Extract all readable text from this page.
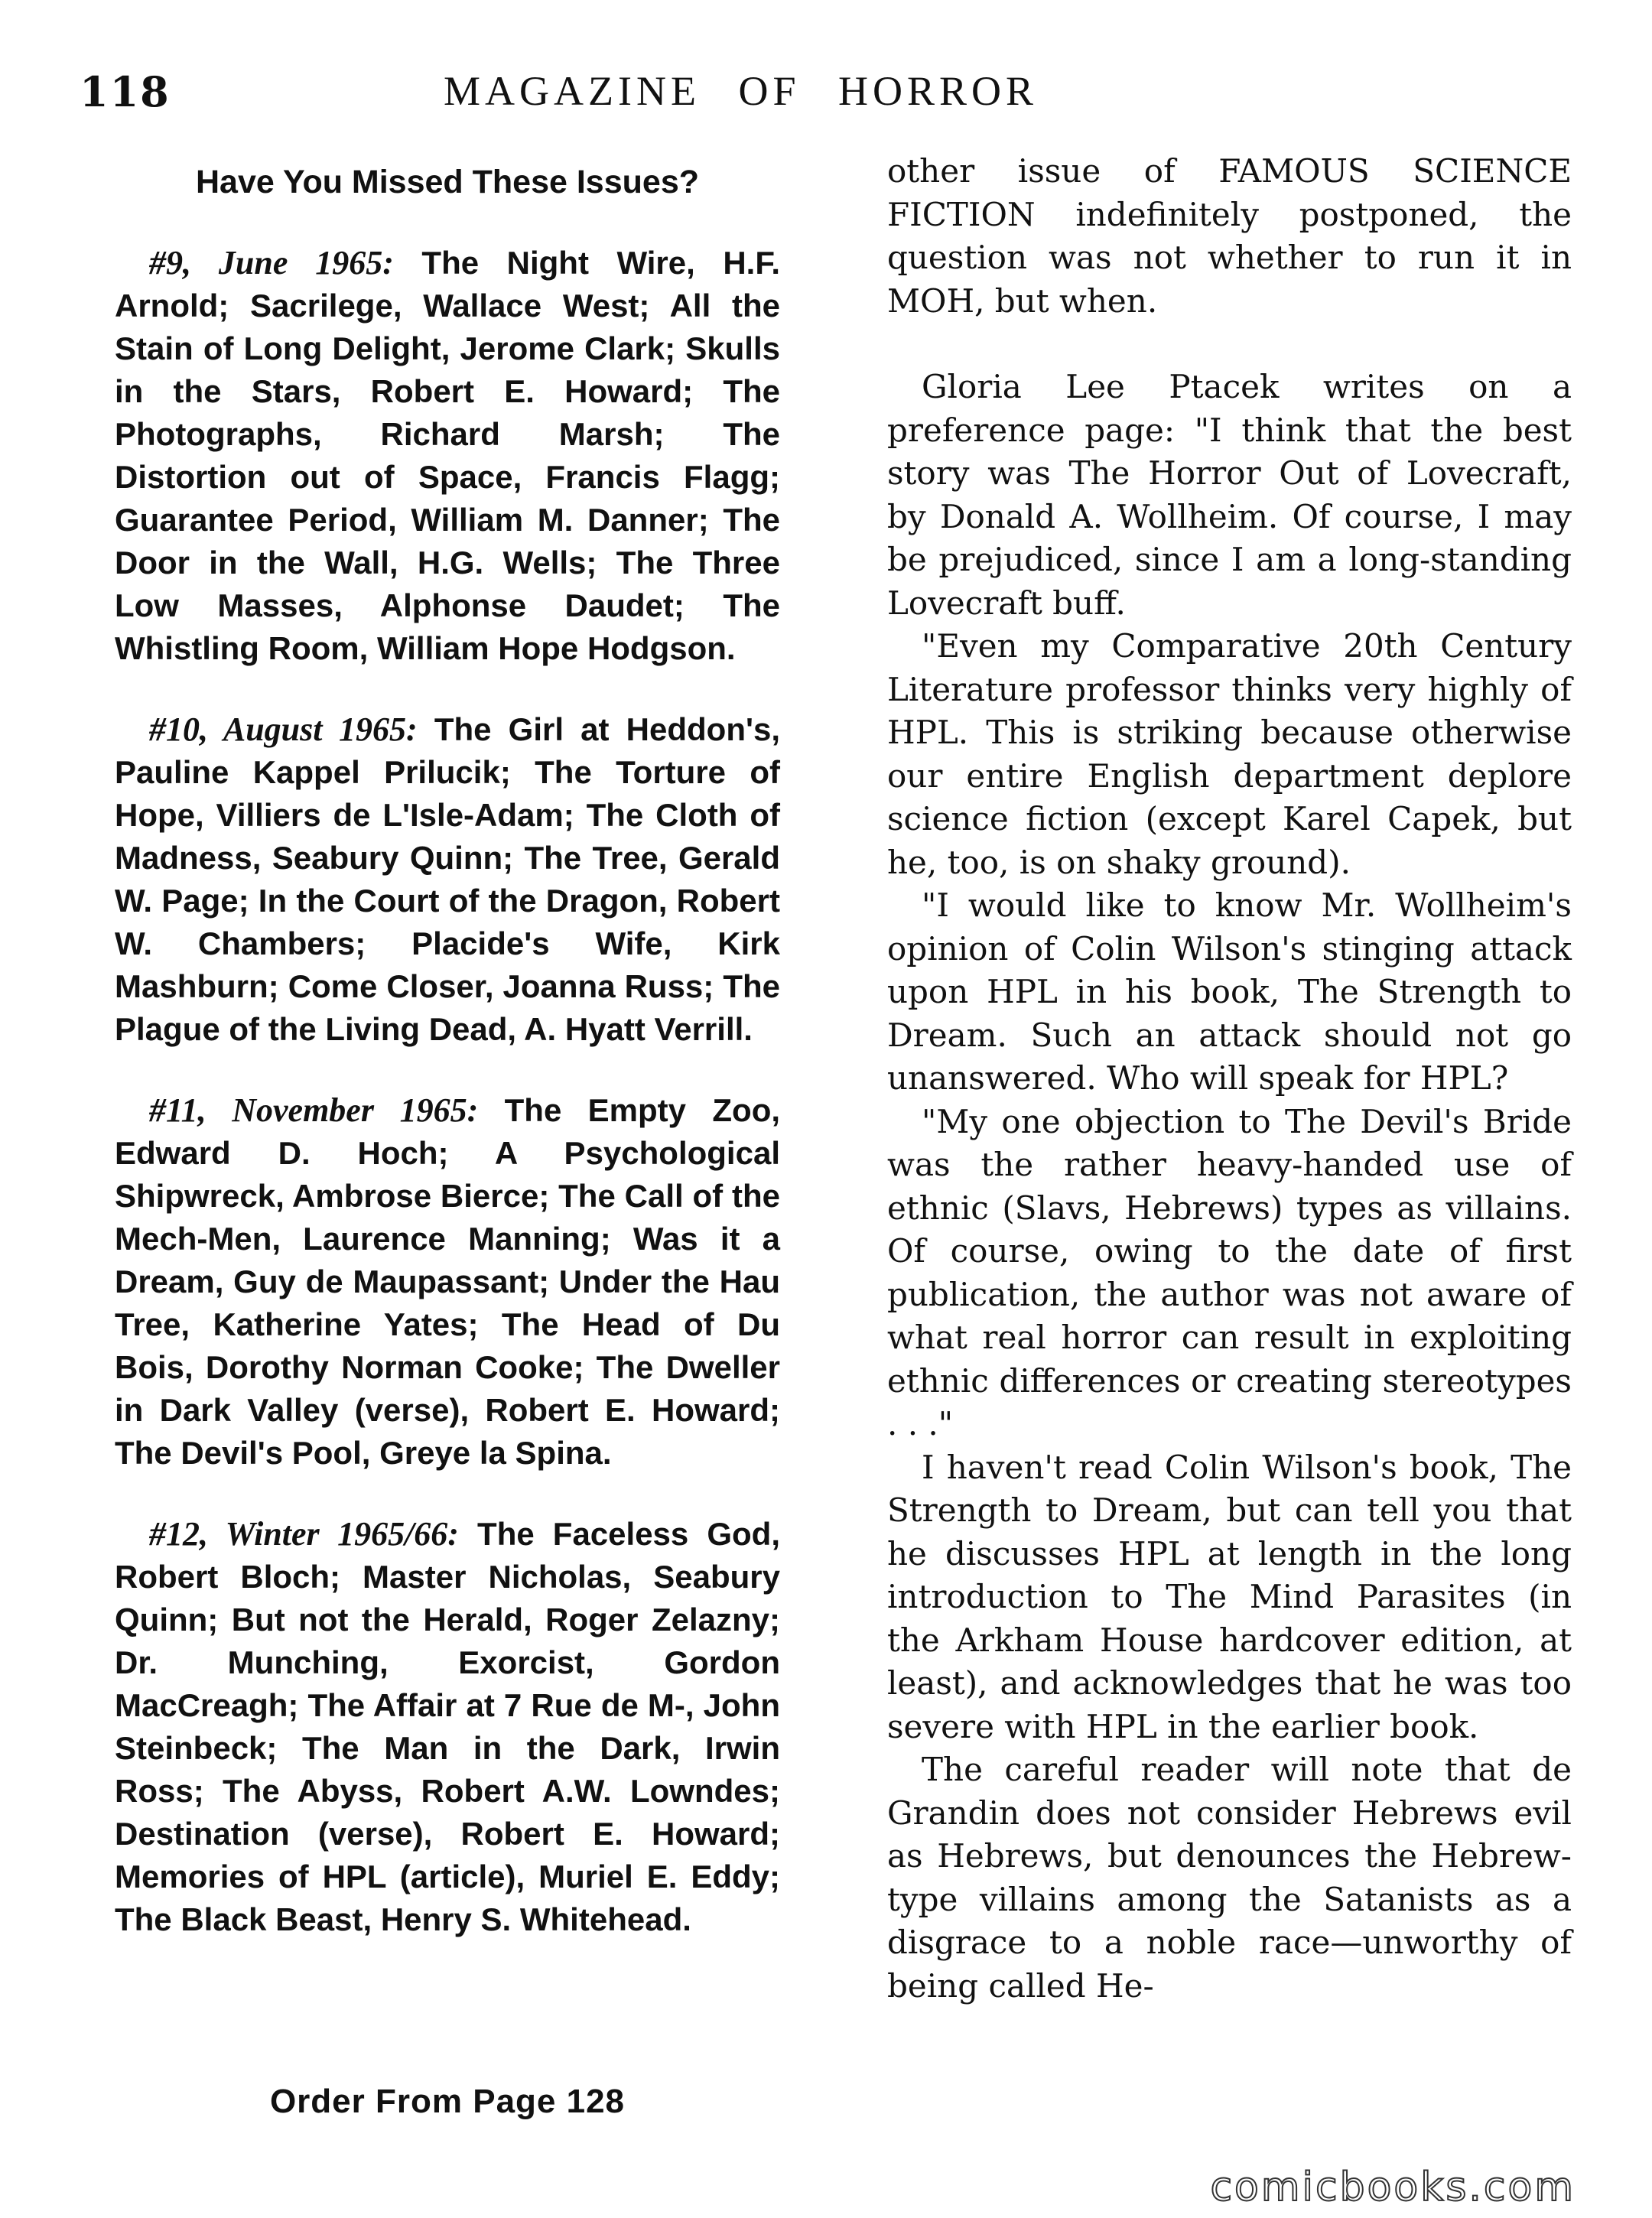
118	MAGAZINE OF HORROR

Have You Missed These Issues?

#9, June 1965: The Night Wire, H.F. Arnold; Sacrilege, Wallace West; All the Stain of Long Delight, Jerome Clark; Skulls in the Stars, Robert E. Howard; The Photographs, Richard Marsh; The Distortion out of Space, Francis Flagg; Guarantee Period, William M. Danner; The Door in the Wall, H.G. Wells; The Three Low Masses, Alphonse Daudet; The Whistling Room, William Hope Hodgson.

#10, August 1965: The Girl at Heddon's, Pauline Kappel Prilucik; The Torture of Hope, Villiers de L'Isle-Adam; The Cloth of Madness, Seabury Quinn; The Tree, Gerald W. Page; In the Court of the Dragon, Robert W. Chambers; Placide's Wife, Kirk Mashburn; Come Closer, Joanna Russ; The Plague of the Living Dead, A. Hyatt Verrill.

#11, November 1965: The Empty Zoo, Edward D. Hoch; A Psychological Shipwreck, Ambrose Bierce; The Call of the Mech-Men, Laurence Manning; Was it a Dream, Guy de Maupassant; Under the Hau Tree, Katherine Yates; The Head of Du Bois, Dorothy Norman Cooke; The Dweller in Dark Valley (verse), Robert E. Howard; The Devil's Pool, Greye la Spina.

#12, Winter 1965/66: The Faceless God, Robert Bloch; Master Nicholas, Seabury Quinn; But not the Herald, Roger Zelazny; Dr. Munching, Exorcist, Gordon MacCreagh; The Affair at 7 Rue de M-, John Steinbeck; The Man in the Dark, Irwin Ross; The Abyss, Robert A.W. Lowndes; Destination (verse), Robert E. Howard; Memories of HPL (article), Muriel E. Eddy; The Black Beast, Henry S. Whitehead.

Order From Page 128

other issue of FAMOUS SCIENCE FICTION indefinitely postponed, the question was not whether to run it in MOH, but when.

Gloria Lee Ptacek writes on a preference page: "I think that the best story was The Horror Out of Lovecraft, by Donald A. Wollheim. Of course, I may be prejudiced, since I am a long-standing Lovecraft buff.

"Even my Comparative 20th Century Literature professor thinks very highly of HPL. This is striking because otherwise our entire English department deplore science fiction (except Karel Capek, but he, too, is on shaky ground).

"I would like to know Mr. Wollheim's opinion of Colin Wilson's stinging attack upon HPL in his book, The Strength to Dream. Such an attack should not go unanswered. Who will speak for HPL?

"My one objection to The Devil's Bride was the rather heavy-handed use of ethnic (Slavs, Hebrews) types as villains. Of course, owing to the date of first publication, the author was not aware of what real horror can result in exploiting ethnic differences or creating stereotypes . . ."

I haven't read Colin Wilson's book, The Strength to Dream, but can tell you that he discusses HPL at length in the long introduction to The Mind Parasites (in the Arkham House hardcover edition, at least), and acknowledges that he was too severe with HPL in the earlier book.

The careful reader will note that de Grandin does not consider Hebrews evil as Hebrews, but denounces the Hebrew-type villains among the Satanists as a disgrace to a noble race—unworthy of being called He-

comicbooks.com
